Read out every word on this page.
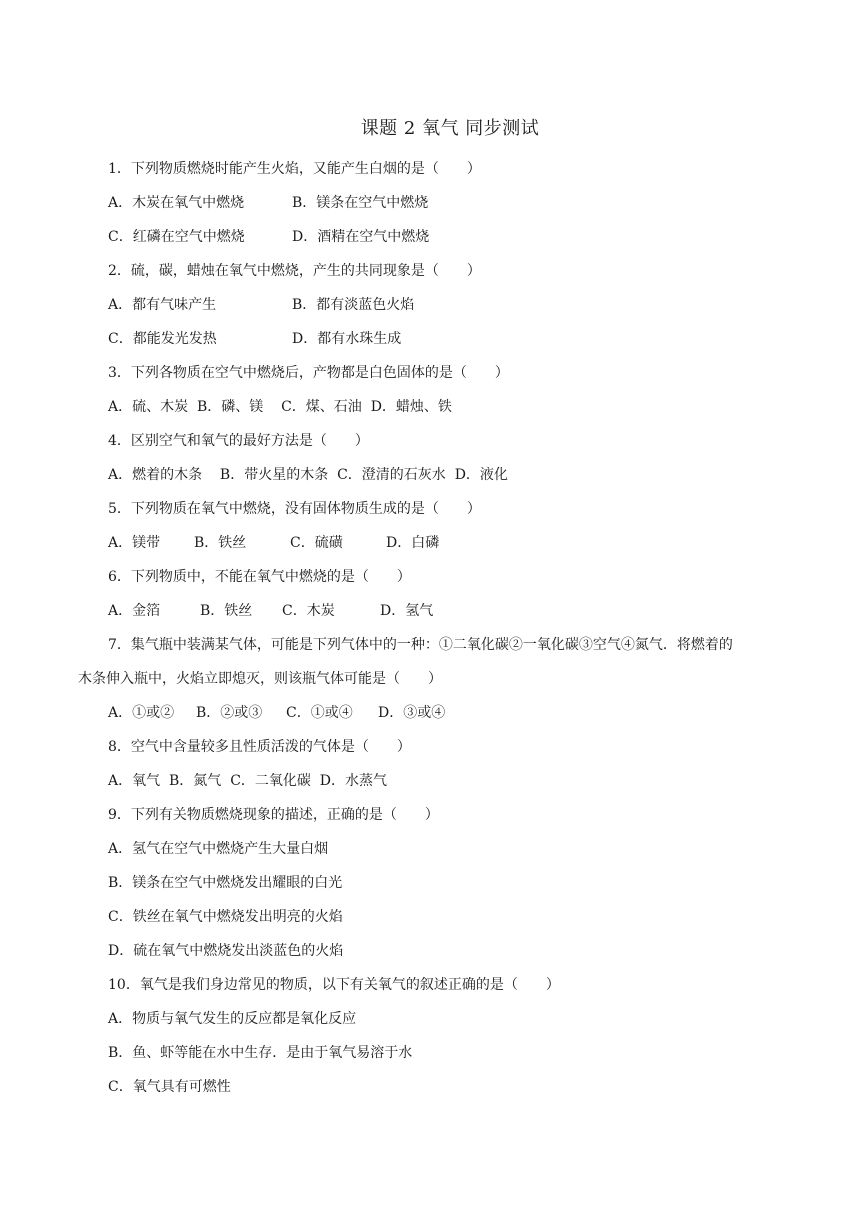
课题 2 氧气 同步测试
1．下列物质燃烧时能产生火焰，又能产生白烟的是（　　）
A．木炭在氧气中燃烧	B．镁条在空气中燃烧
C．红磷在空气中燃烧	D．酒精在空气中燃烧
2．硫，碳，蜡烛在氧气中燃烧，产生的共同现象是（　　）
A．都有气味产生	B．都有淡蓝色火焰
C．都能发光发热	D．都有水珠生成
3．下列各物质在空气中燃烧后，产物都是白色固体的是（　　）
A．硫、木炭  B．磷、镁    C．煤、石油  D．蜡烛、铁
4．区别空气和氧气的最好方法是（　　）
A．燃着的木条    B．带火星的木条  C．澄清的石灰水  D．液化
5．下列物质在氧气中燃烧，没有固体物质生成的是（　　）
A．镁带	B．铁丝	C．硫磺	D．白磷
6．下列物质中，不能在氧气中燃烧的是（　　）
A．金箔	B．铁丝	C．木炭	D．氢气
7．集气瓶中装满某气体，可能是下列气体中的一种：①二氧化碳②一氧化碳③空气④氮气．将燃着的
木条伸入瓶中，火焰立即熄灭，则该瓶气体可能是（　　）
A．①或②	B．②或③	C．①或④	D．③或④
8．空气中含量较多且性质活泼的气体是（　　）
A．氧气  B．氮气  C．二氧化碳  D．水蒸气
9．下列有关物质燃烧现象的描述，正确的是（　　）
A．氢气在空气中燃烧产生大量白烟
B．镁条在空气中燃烧发出耀眼的白光
C．铁丝在氧气中燃烧发出明亮的火焰
D．硫在氧气中燃烧发出淡蓝色的火焰
10．氧气是我们身边常见的物质，以下有关氧气的叙述正确的是（　　）
A．物质与氧气发生的反应都是氧化反应
B．鱼、虾等能在水中生存．是由于氧气易溶于水
C．氧气具有可燃性
